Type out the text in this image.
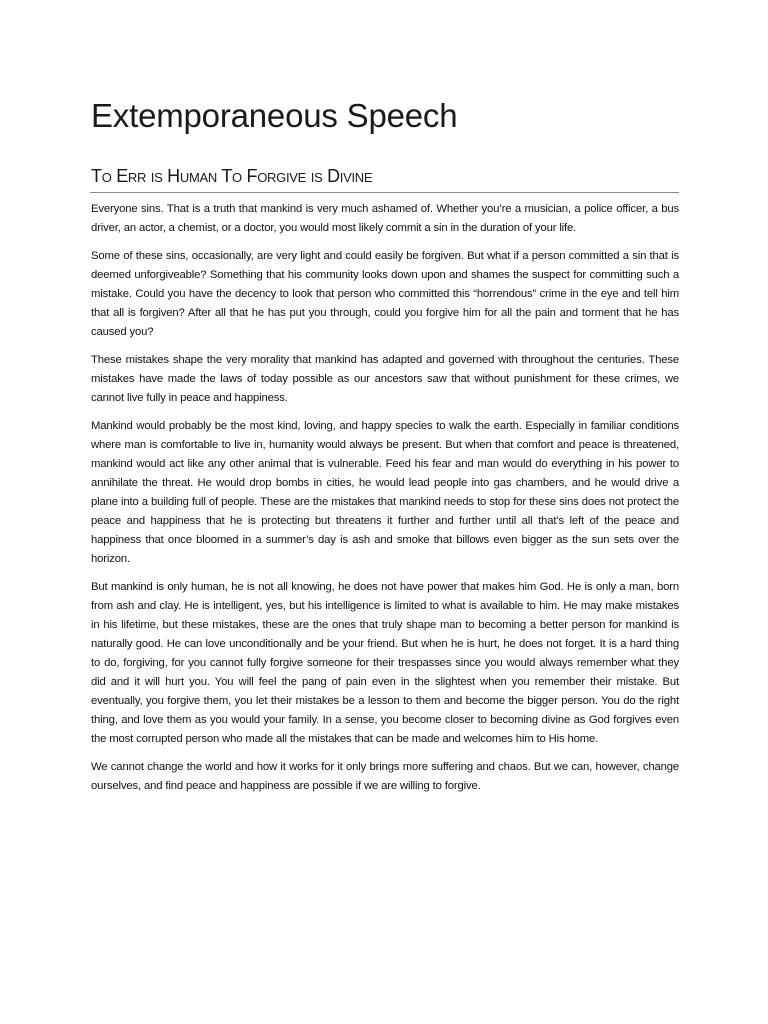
Extemporaneous Speech
To Err is Human To Forgive is Divine

Everyone sins. That is a truth that mankind is very much ashamed of. Whether you’re a musician, a police officer, a bus driver, an actor, a chemist, or a doctor, you would most likely commit a sin in the duration of your life.

Some of these sins, occasionally, are very light and could easily be forgiven. But what if a person committed a sin that is deemed unforgiveable? Something that his community looks down upon and shames the suspect for committing such a mistake. Could you have the decency to look that person who committed this “horrendous” crime in the eye and tell him that all is forgiven? After all that he has put you through, could you forgive him for all the pain and torment that he has caused you?

These mistakes shape the very morality that mankind has adapted and governed with throughout the centuries. These mistakes have made the laws of today possible as our ancestors saw that without punishment for these crimes, we cannot live fully in peace and happiness.

Mankind would probably be the most kind, loving, and happy species to walk the earth. Especially in familiar conditions where man is comfortable to live in, humanity would always be present. But when that comfort and peace is threatened, mankind would act like any other animal that is vulnerable. Feed his fear and man would do everything in his power to annihilate the threat. He would drop bombs in cities, he would lead people into gas chambers, and he would drive a plane into a building full of people. These are the mistakes that mankind needs to stop for these sins does not protect the peace and happiness that he is protecting but threatens it further and further until all that’s left of the peace and happiness that once bloomed in a summer’s day is ash and smoke that billows even bigger as the sun sets over the horizon.

But mankind is only human, he is not all knowing, he does not have power that makes him God. He is only a man, born from ash and clay. He is intelligent, yes, but his intelligence is limited to what is available to him. He may make mistakes in his lifetime, but these mistakes, these are the ones that truly shape man to becoming a better person for mankind is naturally good. He can love unconditionally and be your friend. But when he is hurt, he does not forget. It is a hard thing to do, forgiving, for you cannot fully forgive someone for their trespasses since you would always remember what they did and it will hurt you. You will feel the pang of pain even in the slightest when you remember their mistake. But eventually, you forgive them, you let their mistakes be a lesson to them and become the bigger person. You do the right thing, and love them as you would your family. In a sense, you become closer to becoming divine as God forgives even the most corrupted person who made all the mistakes that can be made and welcomes him to His home.

We cannot change the world and how it works for it only brings more suffering and chaos. But we can, however, change ourselves, and find peace and happiness are possible if we are willing to forgive.
